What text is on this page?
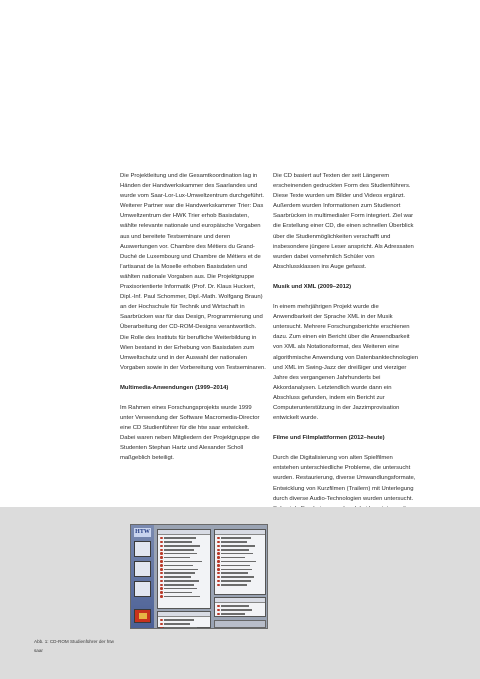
Die Projektleitung und die Gesamtkoordination lag in Händen der Handwerkskammer des Saarlandes und wurde vom Saar-Lor-Lux-Umweltzentrum durchgeführt. Weiterer Partner war die Handwerkskammer Trier: Das Umweltzentrum der HWK Trier erhob Basisdaten, wählte relevante nationale und europäische Vorgaben aus und bereitete Testseminare und deren Auswertungen vor. Chambre des Métiers du Grand-Duché de Luxembourg und Chambre de Métiers et de l’artisanat de la Moselle erhoben Basisdaten und wählten nationale Vorgaben aus. Die Projektgruppe Praxisorientierte Informatik (Prof. Dr. Klaus Huckert, Dipl.-Inf. Paul Schommer, Dipl.-Math. Wolfgang Braun) an der Hochschule für Technik und Wirtschaft in Saarbrücken war für das Design, Programmierung und Überarbeitung der CD-ROM-Designs verantwortlich. Die Rolle des Instituts für berufliche Weiterbildung in Wien bestand in der Erhebung von Basisdaten zum Umweltschutz und in der Auswahl der nationalen Vorgaben sowie in der Vorbereitung von Testseminaren.

Multimedia-Anwendungen (1999–2014)

Im Rahmen eines Forschungsprojekts wurde 1999 unter Verwendung der Software Macromedia-Director eine CD Studienführer für die htw saar entwickelt. Dabei waren neben Mitgliedern der Projektgruppe die Studenten Stephan Hartz und Alexander Scholl maßgeblich beteiligt.

Die CD basiert auf Texten der seit Längerem erscheinenden gedruckten Form des Studienführers. Diese Texte wurden um Bilder und Videos ergänzt. Außerdem wurden Informationen zum Studienort Saarbrücken in multimedialer Form integriert. Ziel war die Erstellung einer CD, die einen schnellen Überblick über die Studienmöglichkeiten verschafft und insbesondere jüngere Leser anspricht. Als Adressaten wurden dabei vornehmlich Schüler von Abschlussklassen ins Auge gefasst.

Musik und XML (2009–2012)

In einem mehrjährigen Projekt wurde die Anwendbarkeit der Sprache XML in der Musik untersucht. Mehrere Forschungsberichte erschienen dazu. Zum einen ein Bericht über die Anwendbarkeit von XML als Notationsformat, des Weiteren eine algorithmische Anwendung von Datenbanktechnologien und XML im Swing-Jazz der dreißiger und vierziger Jahre des vergangenen Jahrhunderts bei Akkordanalysen. Letztendlich wurde dann ein Abschluss gefunden, indem ein Bericht zur Computerunterstützung in der Jazzimprovisation entwickelt wurde.

Filme und Filmplattformen (2012–heute)

Durch die Digitalisierung von alten Spielfilmen entstehen unterschiedliche Probleme, die untersucht wurden. Restaurierung, diverse Umwandlungsformate, Entwicklung von Kurzfilmen (Trailern) mit Unterlegung durch diverse Audio-Technologien wurden untersucht.

HTW
Abb. 1: CD-ROM Studienführer der htw saar
